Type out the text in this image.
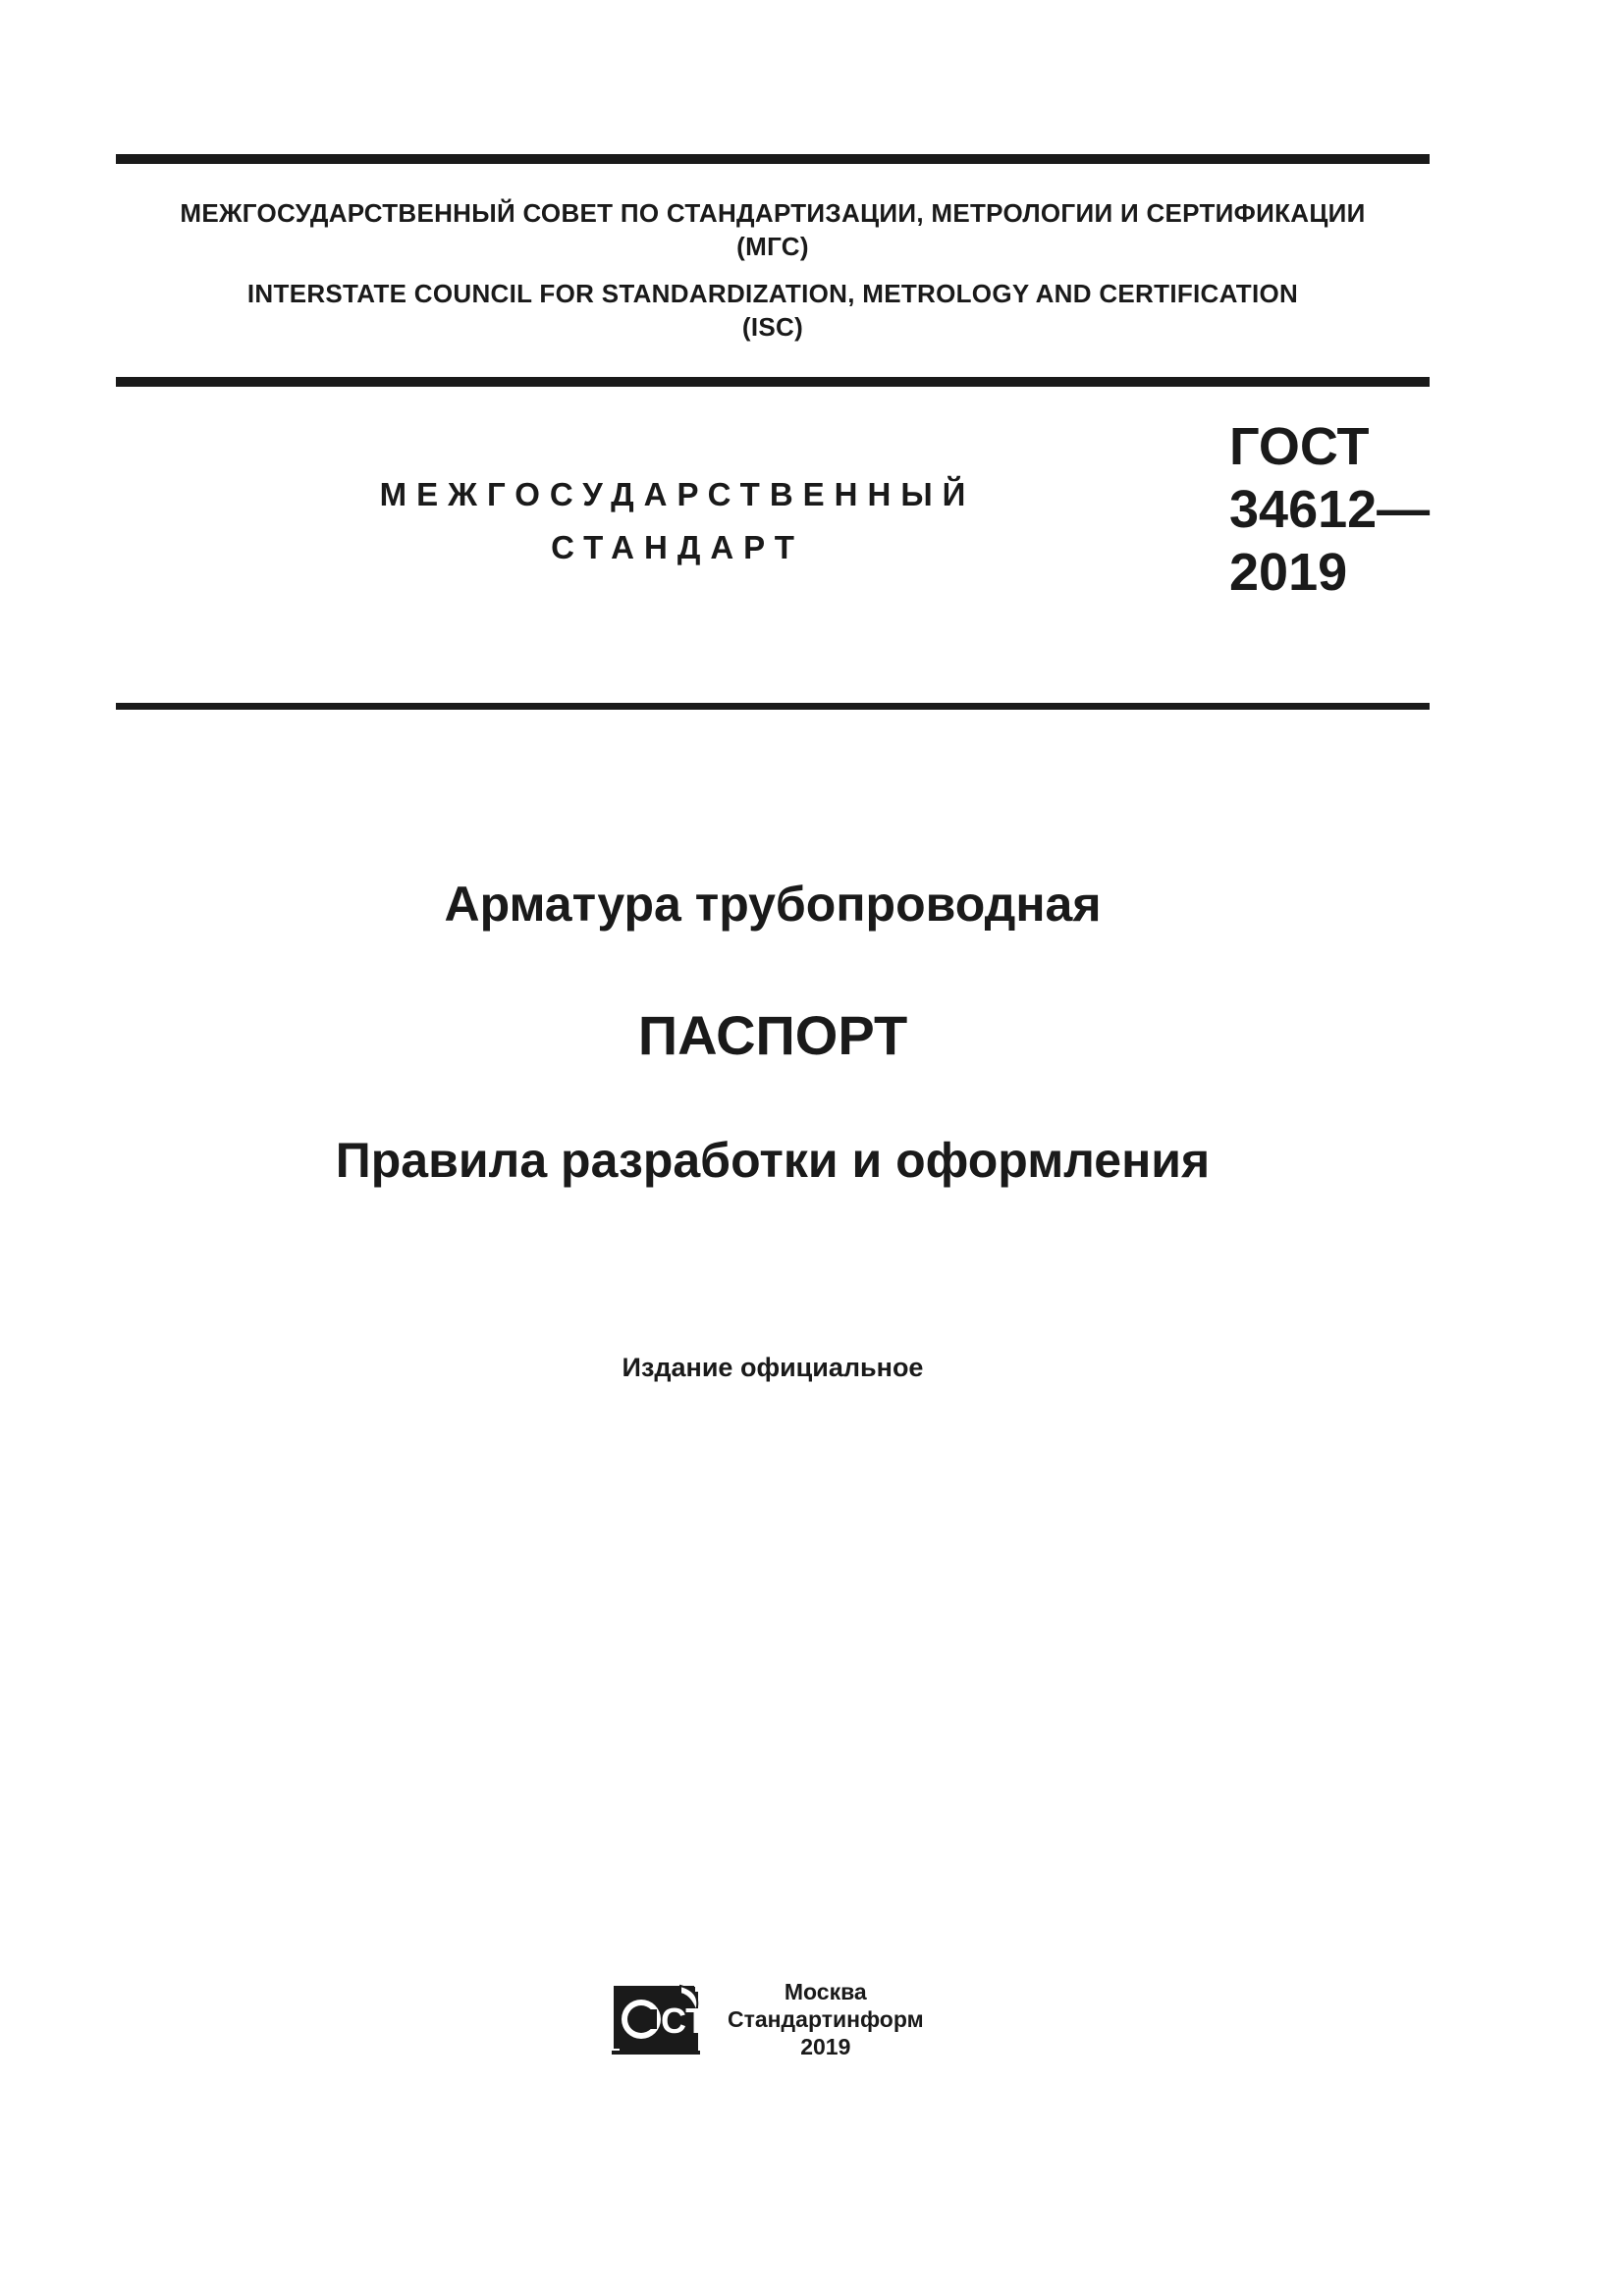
МЕЖГОСУДАРСТВЕННЫЙ СОВЕТ ПО СТАНДАРТИЗАЦИИ, МЕТРОЛОГИИ И СЕРТИФИКАЦИИ
(МГС)
INTERSTATE COUNCIL FOR STANDARDIZATION, METROLOGY AND CERTIFICATION
(ISC)
МЕЖГОСУДАРСТВЕННЫЙ
СТАНДАРТ
ГОСТ
34612—
2019
Арматура трубопроводная
ПАСПОРТ
Правила разработки и оформления
Издание официальное
СТИ
Москва
Стандартинформ
2019
